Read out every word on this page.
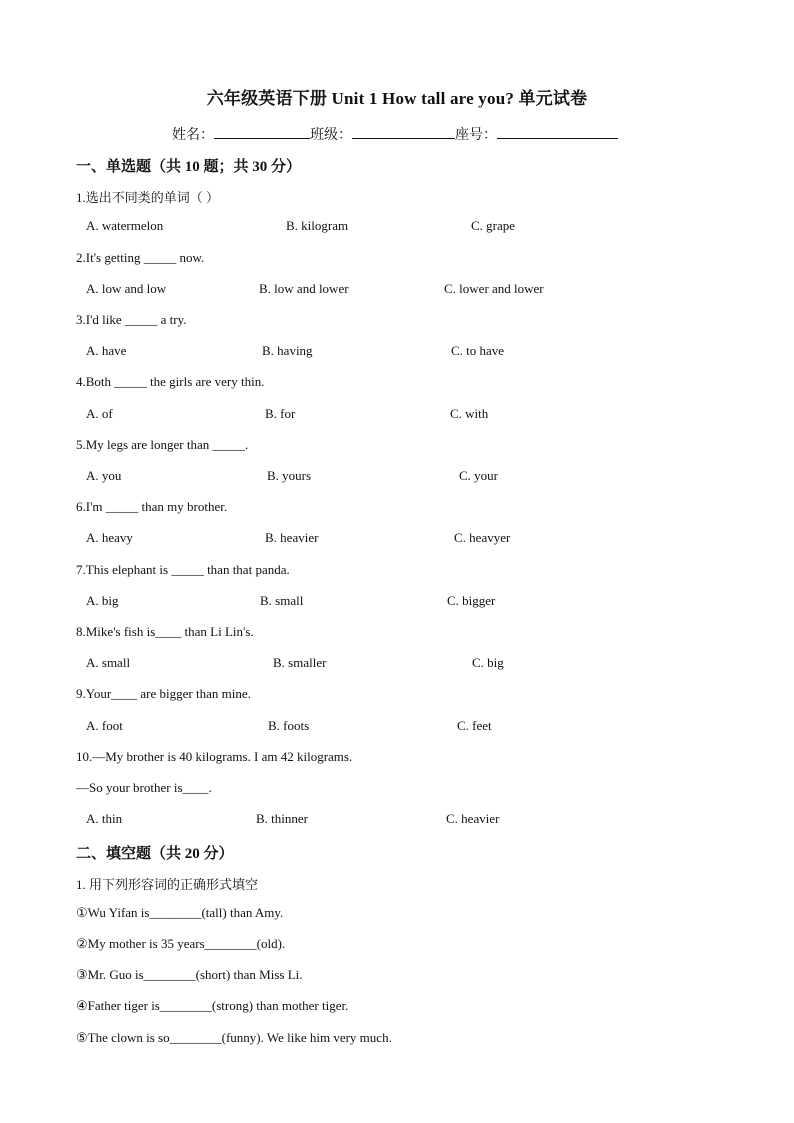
六年级英语下册 Unit 1 How tall are you? 单元试卷
姓名：	班级：	座号：
一、单选题（共 10 题；共 30 分）
1.选出不同类的单词（ ）
A. watermelon	B. kilogram	C. grape
2.It's getting _____ now.
A. low and low	B. low and lower	C. lower and lower
3.I'd like _____ a try.
A. have	B. having	C. to have
4.Both _____ the girls are very thin.
A. of	B. for	C. with
5.My legs are longer than _____.
A. you	B. yours	C. your
6.I'm _____ than my brother.
A. heavy	B. heavier	C. heavyer
7.This elephant is _____ than that panda.
A. big	B. small	C. bigger
8.Mike's fish is____ than Li Lin's.
A. small	B. smaller	C. big
9.Your____ are bigger than mine.
A. foot	B. foots	C. feet
10.—My brother is 40 kilograms. I am 42 kilograms.
—So your brother is____.
A. thin	B. thinner	C. heavier
二、填空题（共 20 分）
1. 用下列形容词的正确形式填空
①Wu Yifan is________(tall) than Amy.
②My mother is 35 years________(old).
③Mr. Guo is________(short) than Miss Li.
④Father tiger is________(strong) than mother tiger.
⑤The clown is so________(funny). We like him very much.
